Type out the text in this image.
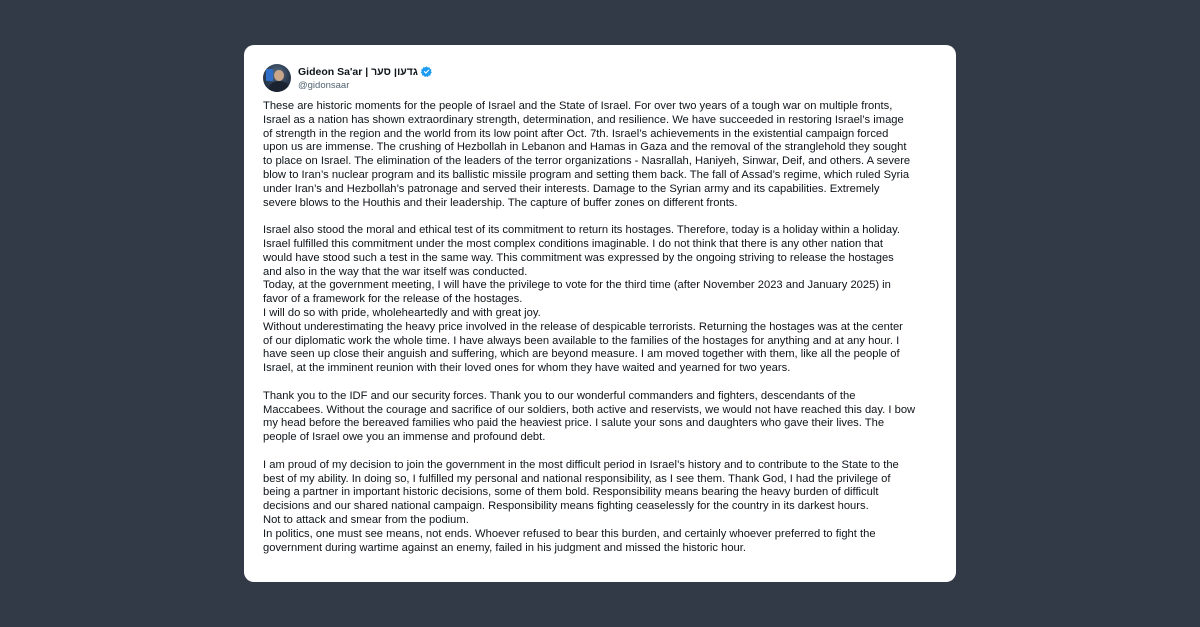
Gideon Sa'ar | גדעון סער
@gidonsaar
These are historic moments for the people of Israel and the State of Israel. For over two years of a tough war on multiple fronts,
Israel as a nation has shown extraordinary strength, determination, and resilience. We have succeeded in restoring Israel’s image
of strength in the region and the world from its low point after Oct. 7th. Israel’s achievements in the existential campaign forced
upon us are immense. The crushing of Hezbollah in Lebanon and Hamas in Gaza and the removal of the stranglehold they sought
to place on Israel. The elimination of the leaders of the terror organizations - Nasrallah, Haniyeh, Sinwar, Deif, and others. A severe
blow to Iran’s nuclear program and its ballistic missile program and setting them back. The fall of Assad’s regime, which ruled Syria
under Iran’s and Hezbollah’s patronage and served their interests. Damage to the Syrian army and its capabilities. Extremely
severe blows to the Houthis and their leadership. The capture of buffer zones on different fronts.
Israel also stood the moral and ethical test of its commitment to return its hostages. Therefore, today is a holiday within a holiday.
Israel fulfilled this commitment under the most complex conditions imaginable. I do not think that there is any other nation that
would have stood such a test in the same way. This commitment was expressed by the ongoing striving to release the hostages
and also in the way that the war itself was conducted.
Today, at the government meeting, I will have the privilege to vote for the third time (after November 2023 and January 2025) in
favor of a framework for the release of the hostages.
I will do so with pride, wholeheartedly and with great joy.
Without underestimating the heavy price involved in the release of despicable terrorists. Returning the hostages was at the center
of our diplomatic work the whole time. I have always been available to the families of the hostages for anything and at any hour. I
have seen up close their anguish and suffering, which are beyond measure. I am moved together with them, like all the people of
Israel, at the imminent reunion with their loved ones for whom they have waited and yearned for two years.
Thank you to the IDF and our security forces. Thank you to our wonderful commanders and fighters, descendants of the
Maccabees. Without the courage and sacrifice of our soldiers, both active and reservists, we would not have reached this day. I bow
my head before the bereaved families who paid the heaviest price. I salute your sons and daughters who gave their lives. The
people of Israel owe you an immense and profound debt.
I am proud of my decision to join the government in the most difficult period in Israel’s history and to contribute to the State to the
best of my ability. In doing so, I fulfilled my personal and national responsibility, as I see them. Thank God, I had the privilege of
being a partner in important historic decisions, some of them bold. Responsibility means bearing the heavy burden of difficult
decisions and our shared national campaign. Responsibility means fighting ceaselessly for the country in its darkest hours.
Not to attack and smear from the podium.
In politics, one must see means, not ends. Whoever refused to bear this burden, and certainly whoever preferred to fight the
government during wartime against an enemy, failed in his judgment and missed the historic hour.
